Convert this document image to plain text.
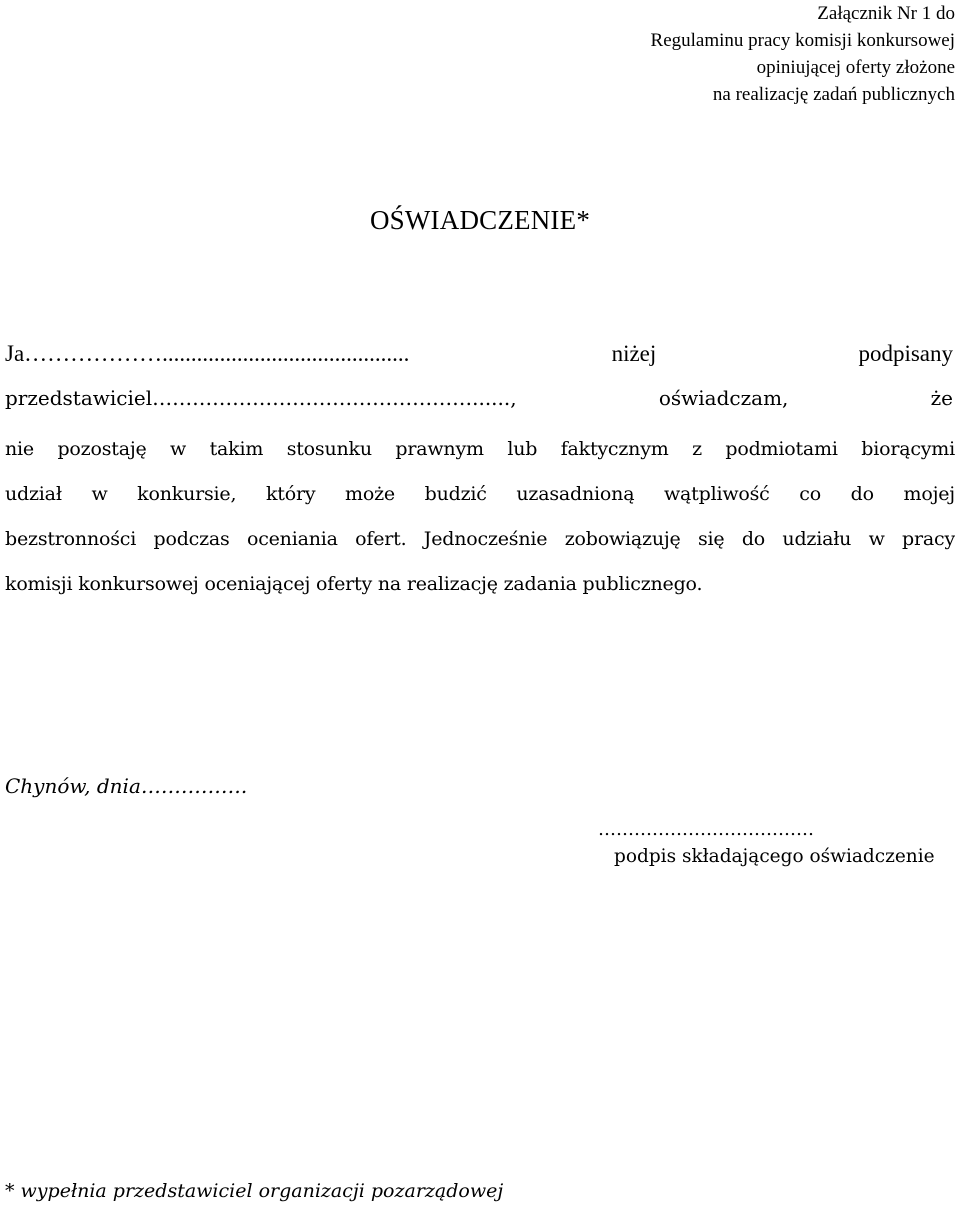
Załącznik Nr 1 do
Regulaminu pracy komisji konkursowej
opiniującej oferty złożone
na realizację zadań publicznych
OŚWIADCZENIE*
Ja………………...........................................	niżej	podpisany
przedstawiciel…………………………………………......,	oświadczam,	że
nie pozostaję w takim stosunku prawnym lub faktycznym z podmiotami biorącymi
udział w konkursie, który może budzić uzasadnioną wątpliwość co do mojej
bezstronności podczas oceniania ofert. Jednocześnie zobowiązuję się do udziału w pracy
komisji konkursowej oceniającej oferty na realizację zadania publicznego.
Chynów, dnia…………….
………………………………
podpis składającego oświadczenie
* wypełnia przedstawiciel organizacji pozarządowej
